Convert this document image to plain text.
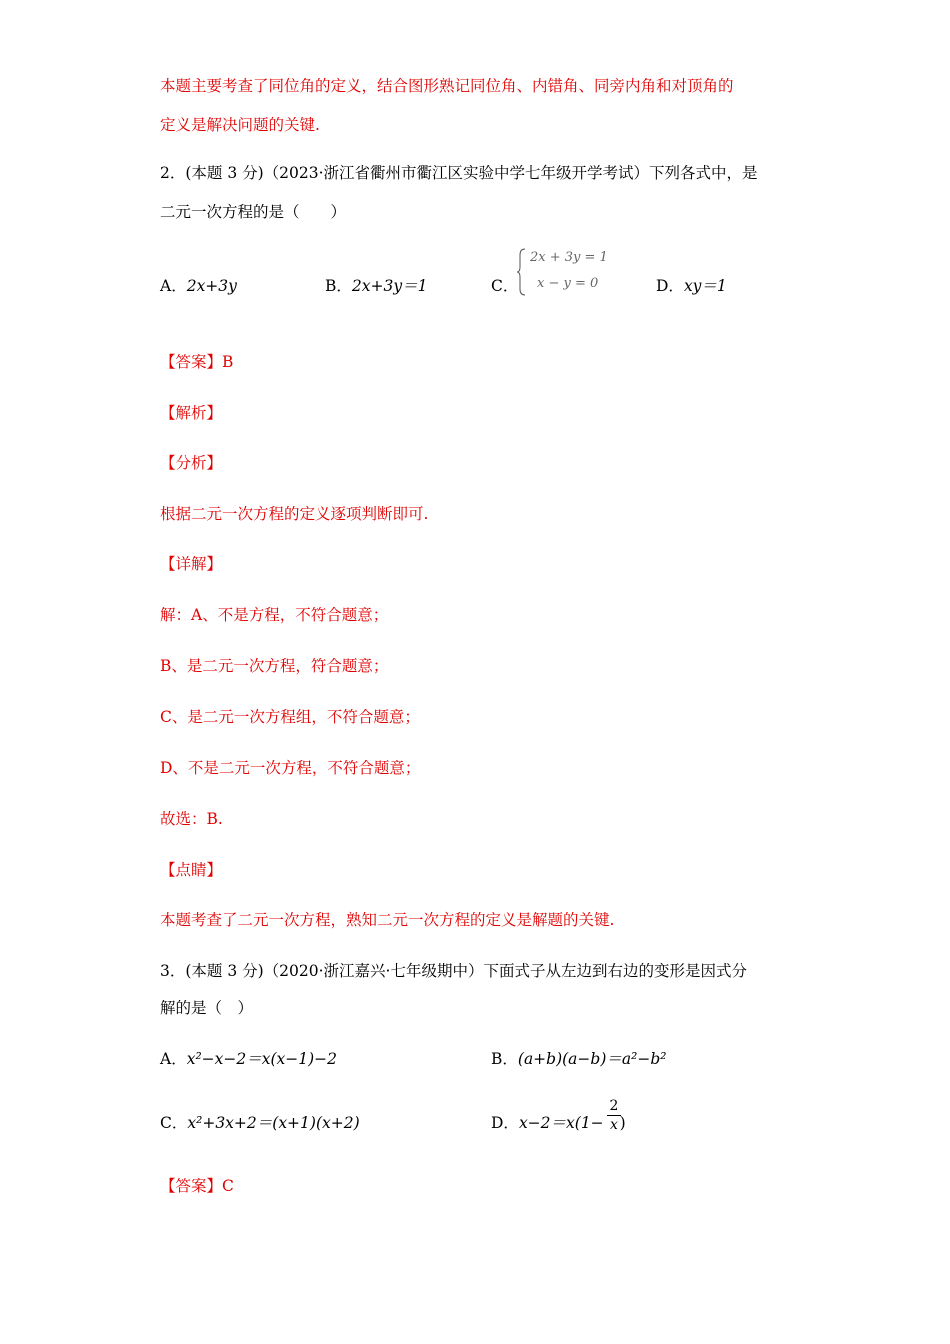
本题主要考查了同位角的定义，结合图形熟记同位角、内错角、同旁内角和对顶角的
定义是解决问题的关键.
2．(本题 3 分)（2023·浙江省衢州市衢江区实验中学七年级开学考试）下列各式中，是
二元一次方程的是（　　）
A．2x+3y	B．2x+3y＝1	C．
2x + 3y = 1
x − y = 0	D．xy＝1
【答案】B
【解析】
【分析】
根据二元一次方程的定义逐项判断即可.
【详解】
解：A、不是方程，不符合题意；
B、是二元一次方程，符合题意；
C、是二元一次方程组，不符合题意；
D、不是二元一次方程，不符合题意；
故选：B.
【点睛】
本题考查了二元一次方程，熟知二元一次方程的定义是解题的关键.
3．(本题 3 分)（2020·浙江嘉兴·七年级期中）下面式子从左边到右边的变形是因式分
解的是（　）
A．x²−x−2＝x(x−1)−2	B．(a+b)(a−b)＝a²−b²
C．x²+3x+2＝(x+1)(x+2)	D．x−2＝x(1− )
2
x
【答案】C
